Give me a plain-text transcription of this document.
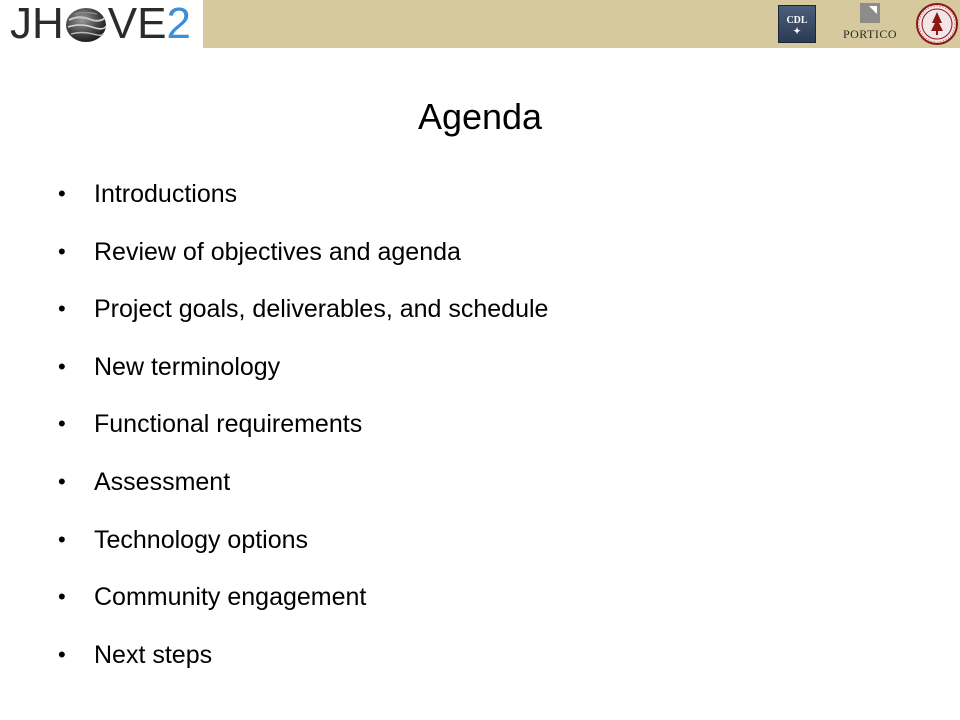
JH VE 2	CDL
✦	PORTICO
Agenda
•	Introductions
•	Review of objectives and agenda
•	Project goals, deliverables, and schedule
•	New terminology
•	Functional requirements
•	Assessment
•	Technology options
•	Community engagement
•	Next steps
